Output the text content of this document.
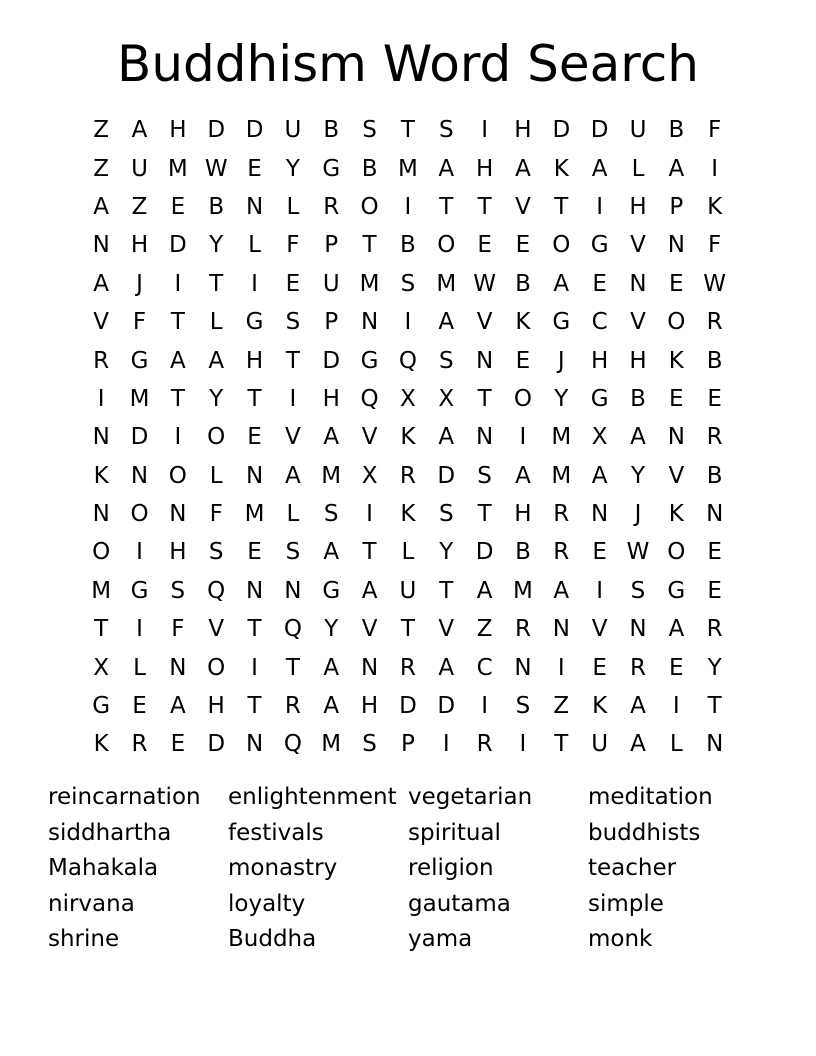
Buddhism Word Search
Z A H D D U B	S	T	S	I	H D D U B	F
Z U M W E	Y G B M A H A K A	L	A	I
A Z	E	B N	L	R O	I	T	T	V	T	I	H P	K
N H D Y	L	F	P	T	B O E	E O G V N	F
A	J	I	T	I	E U M S M W B A	E N E W
V	F	T	L	G S	P N	I	A V K G C V O R
R G A A H T D G Q S N E	J	H H K B
I	M T	Y	T	I	H Q X X	T O Y G B	E	E
N D	I	O E	V A V K A N	I	M X A N R
K N O L	N A M X R D S	A M A	Y	V B
N O N	F M L	S	I	K	S	T H R N	J	K N
O	I	H S	E	S	A	T	L	Y D B R	E W O E
M G S Q N N G A U T	A M A	I	S G E
T	I	F	V	T Q Y	V	T	V Z R N V N A R
X	L	N O	I	T	A N R A C N	I	E	R	E	Y
G E	A H T	R A H D D	I	S	Z K A	I	T
K R	E D N Q M S	P	I	R	I	T U A	L	N
reincarnation
siddhartha
Mahakala
nirvana
shrine
enlightenment
festivals
monastry
loyalty
Buddha
vegetarian
spiritual
religion
gautama
yama
meditation
buddhists
teacher
simple
monk
